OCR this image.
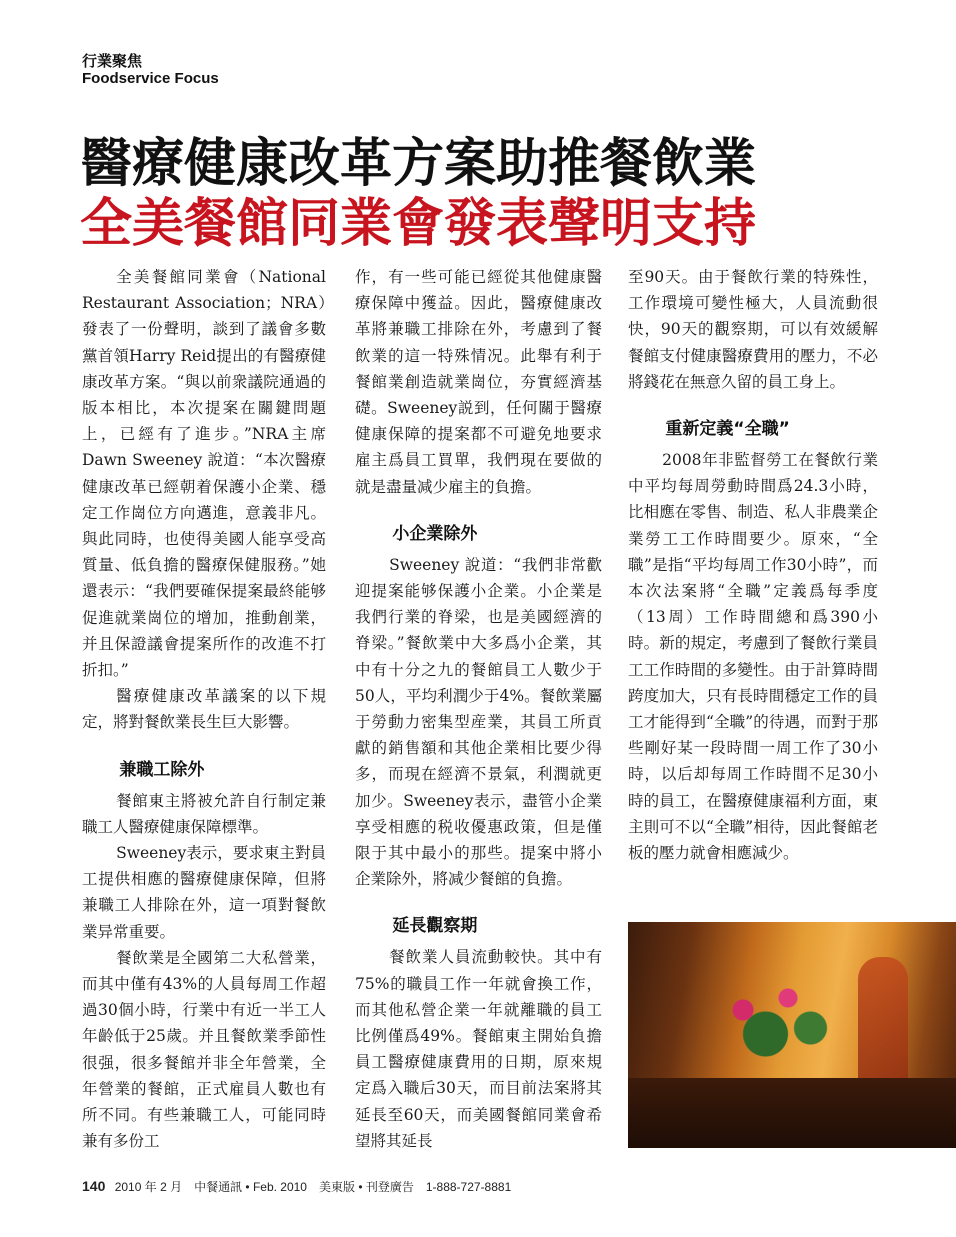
行業聚焦
Foodservice Focus
醫療健康改革方案助推餐飲業
全美餐館同業會發表聲明支持

全美餐館同業會（National Restaurant Association；NRA）發表了一份聲明，談到了議會多數黨首領Harry Reid提出的有醫療健康改革方案。“與以前衆議院通過的版本相比，本次提案在關鍵問題上，已經有了進步。”NRA主席Dawn Sweeney 說道：“本次醫療健康改革已經朝着保護小企業、穩定工作崗位方向邁進，意義非凡。與此同時，也使得美國人能享受高質量、低負擔的醫療保健服務。”她還表示：“我們要確保提案最終能够促進就業崗位的增加，推動創業，并且保證議會提案所作的改進不打折扣。”

醫療健康改革議案的以下規定，將對餐飲業長生巨大影響。

兼職工除外

餐館東主將被允許自行制定兼職工人醫療健康保障標準。

Sweeney表示，要求東主對員工提供相應的醫療健康保障，但將兼職工人排除在外，這一項對餐飲業异常重要。

餐飲業是全國第二大私營業，而其中僅有43%的人員每周工作超過30個小時，行業中有近一半工人年齡低于25歲。并且餐飲業季節性很强，很多餐館并非全年營業，全年營業的餐館，正式雇員人數也有所不同。有些兼職工人，可能同時兼有多份工

作，有一些可能已經從其他健康醫療保障中獲益。因此，醫療健康改革將兼職工排除在外，考慮到了餐飲業的這一特殊情况。此舉有利于餐館業創造就業崗位，夯實經濟基礎。Sweeney説到，任何關于醫療健康保障的提案都不可避免地要求雇主爲員工買單，我們現在要做的就是盡量减少雇主的負擔。

小企業除外

Sweeney 說道：“我們非常歡迎提案能够保護小企業。小企業是我們行業的脊梁，也是美國經濟的脊梁。”餐飲業中大多爲小企業，其中有十分之九的餐館員工人數少于50人，平均利潤少于4%。餐飲業屬于勞動力密集型産業，其員工所貢獻的銷售額和其他企業相比要少得多，而現在經濟不景氣，利潤就更加少。Sweeney表示，盡管小企業享受相應的税收優惠政策，但是僅限于其中最小的那些。提案中將小企業除外，將减少餐館的負擔。

延長觀察期

餐飲業人員流動較快。其中有75%的職員工作一年就會換工作，而其他私營企業一年就離職的員工比例僅爲49%。餐館東主開始負擔員工醫療健康費用的日期，原來規定爲入職后30天，而目前法案將其延長至60天，而美國餐館同業會希望將其延長

至90天。由于餐飲行業的特殊性，工作環境可變性極大，人員流動很快，90天的觀察期，可以有效緩解餐館支付健康醫療費用的壓力，不必將錢花在無意久留的員工身上。

重新定義“全職”

2008年非監督勞工在餐飲行業中平均每周勞動時間爲24.3小時，比相應在零售、制造、私人非農業企業勞工工作時間要少。原來，“全職”是指“平均每周工作30小時”，而本次法案將“全職”定義爲每季度（13周）工作時間總和爲390小時。新的規定，考慮到了餐飲行業員工工作時間的多變性。由于計算時間跨度加大，只有長時間穩定工作的員工才能得到“全職”的待遇，而對于那些剛好某一段時間一周工作了30小時，以后却每周工作時間不足30小時的員工，在醫療健康福利方面，東主則可不以“全職”相待，因此餐館老板的壓力就會相應減少。

140 2010 年 2 月　中餐通訊 • Feb. 2010　美東版 • 刊登廣告　1-888-727-8881
